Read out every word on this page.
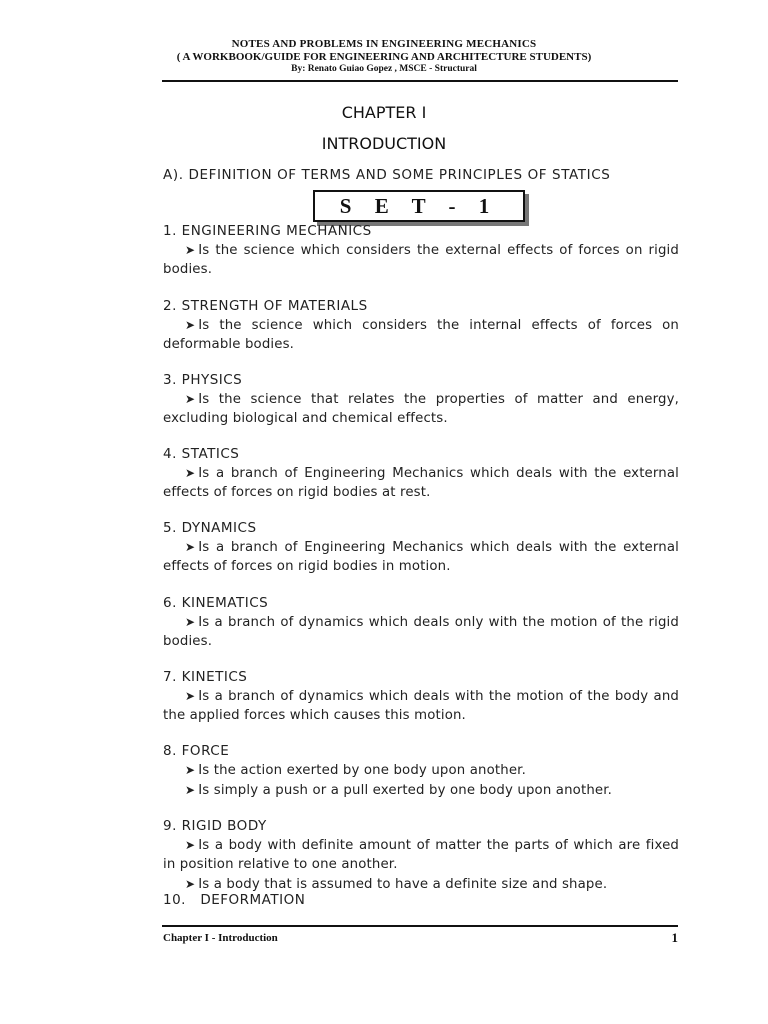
NOTES AND PROBLEMS IN ENGINEERING MECHANICS
( A WORKBOOK/GUIDE FOR ENGINEERING AND ARCHITECTURE STUDENTS)
By: Renato Guiao Gopez , MSCE - Structural
CHAPTER I
INTRODUCTION
A). DEFINITION OF TERMS AND SOME PRINCIPLES OF STATICS
S E T - 1
1. ENGINEERING MECHANICS
➤ Is the science which considers the external effects of forces on rigid bodies.
2. STRENGTH OF MATERIALS
➤ Is the science which considers the internal effects of forces on deformable bodies.
3. PHYSICS
➤ Is the science that relates the properties of matter and energy, excluding biological and chemical effects.
4. STATICS
➤ Is a branch of Engineering Mechanics which deals with the external effects of forces on rigid bodies at rest.
5. DYNAMICS
➤ Is a branch of Engineering Mechanics which deals with the external effects of forces on rigid bodies in motion.
6. KINEMATICS
➤ Is a branch of dynamics which deals only with the motion of the rigid bodies.
7. KINETICS
➤ Is a branch of dynamics which deals with the motion of the body and the applied forces which causes this motion.
8. FORCE
➤ Is the action exerted by one body upon another.
➤ Is simply a push or a pull exerted by one body upon another.
9. RIGID BODY
➤ Is a body with definite amount of matter the parts of which are fixed in position relative to one another.
➤ Is a body that is assumed to have a definite size and shape.
10.   DEFORMATION
Chapter I - Introduction	1
